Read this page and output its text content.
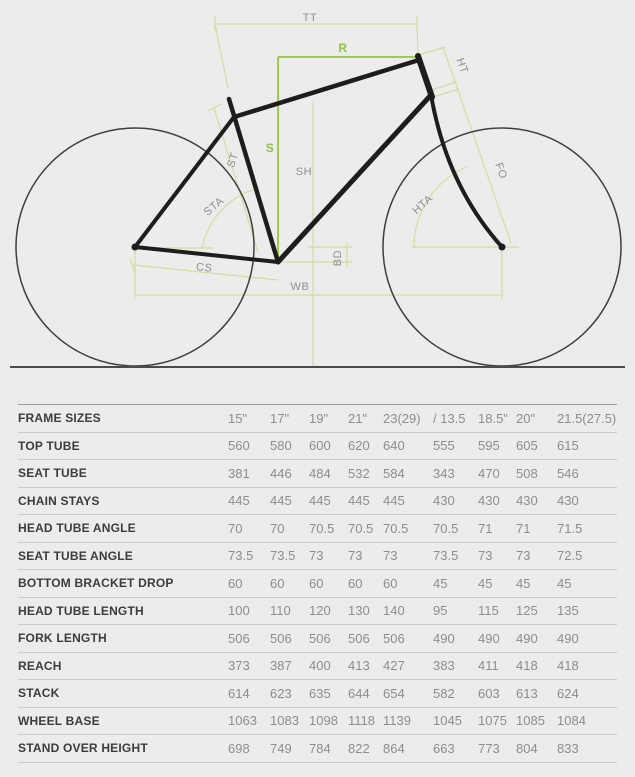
TT
R
HT
S
SH
ST
STA
CS
BD
WB
HTA
FO
FRAME SIZES	15"	17"	19"	21"	23(29)	/ 13.5	18.5"	20"	21.5(27.5)
TOP TUBE	560	580	600	620	640	555	595	605	615
SEAT TUBE	381	446	484	532	584	343	470	508	546
CHAIN STAYS	445	445	445	445	445	430	430	430	430
HEAD TUBE ANGLE	70	70	70.5	70.5	70.5	70.5	71	71	71.5
SEAT TUBE ANGLE	73.5	73.5	73	73	73	73.5	73	73	72.5
BOTTOM BRACKET DROP	60	60	60	60	60	45	45	45	45
HEAD TUBE LENGTH	100	110	120	130	140	95	115	125	135
FORK LENGTH	506	506	506	506	506	490	490	490	490
REACH	373	387	400	413	427	383	411	418	418
STACK	614	623	635	644	654	582	603	613	624
WHEEL BASE	1063	1083	1098	1118	1139	1045	1075	1085	1084
STAND OVER HEIGHT	698	749	784	822	864	663	773	804	833
